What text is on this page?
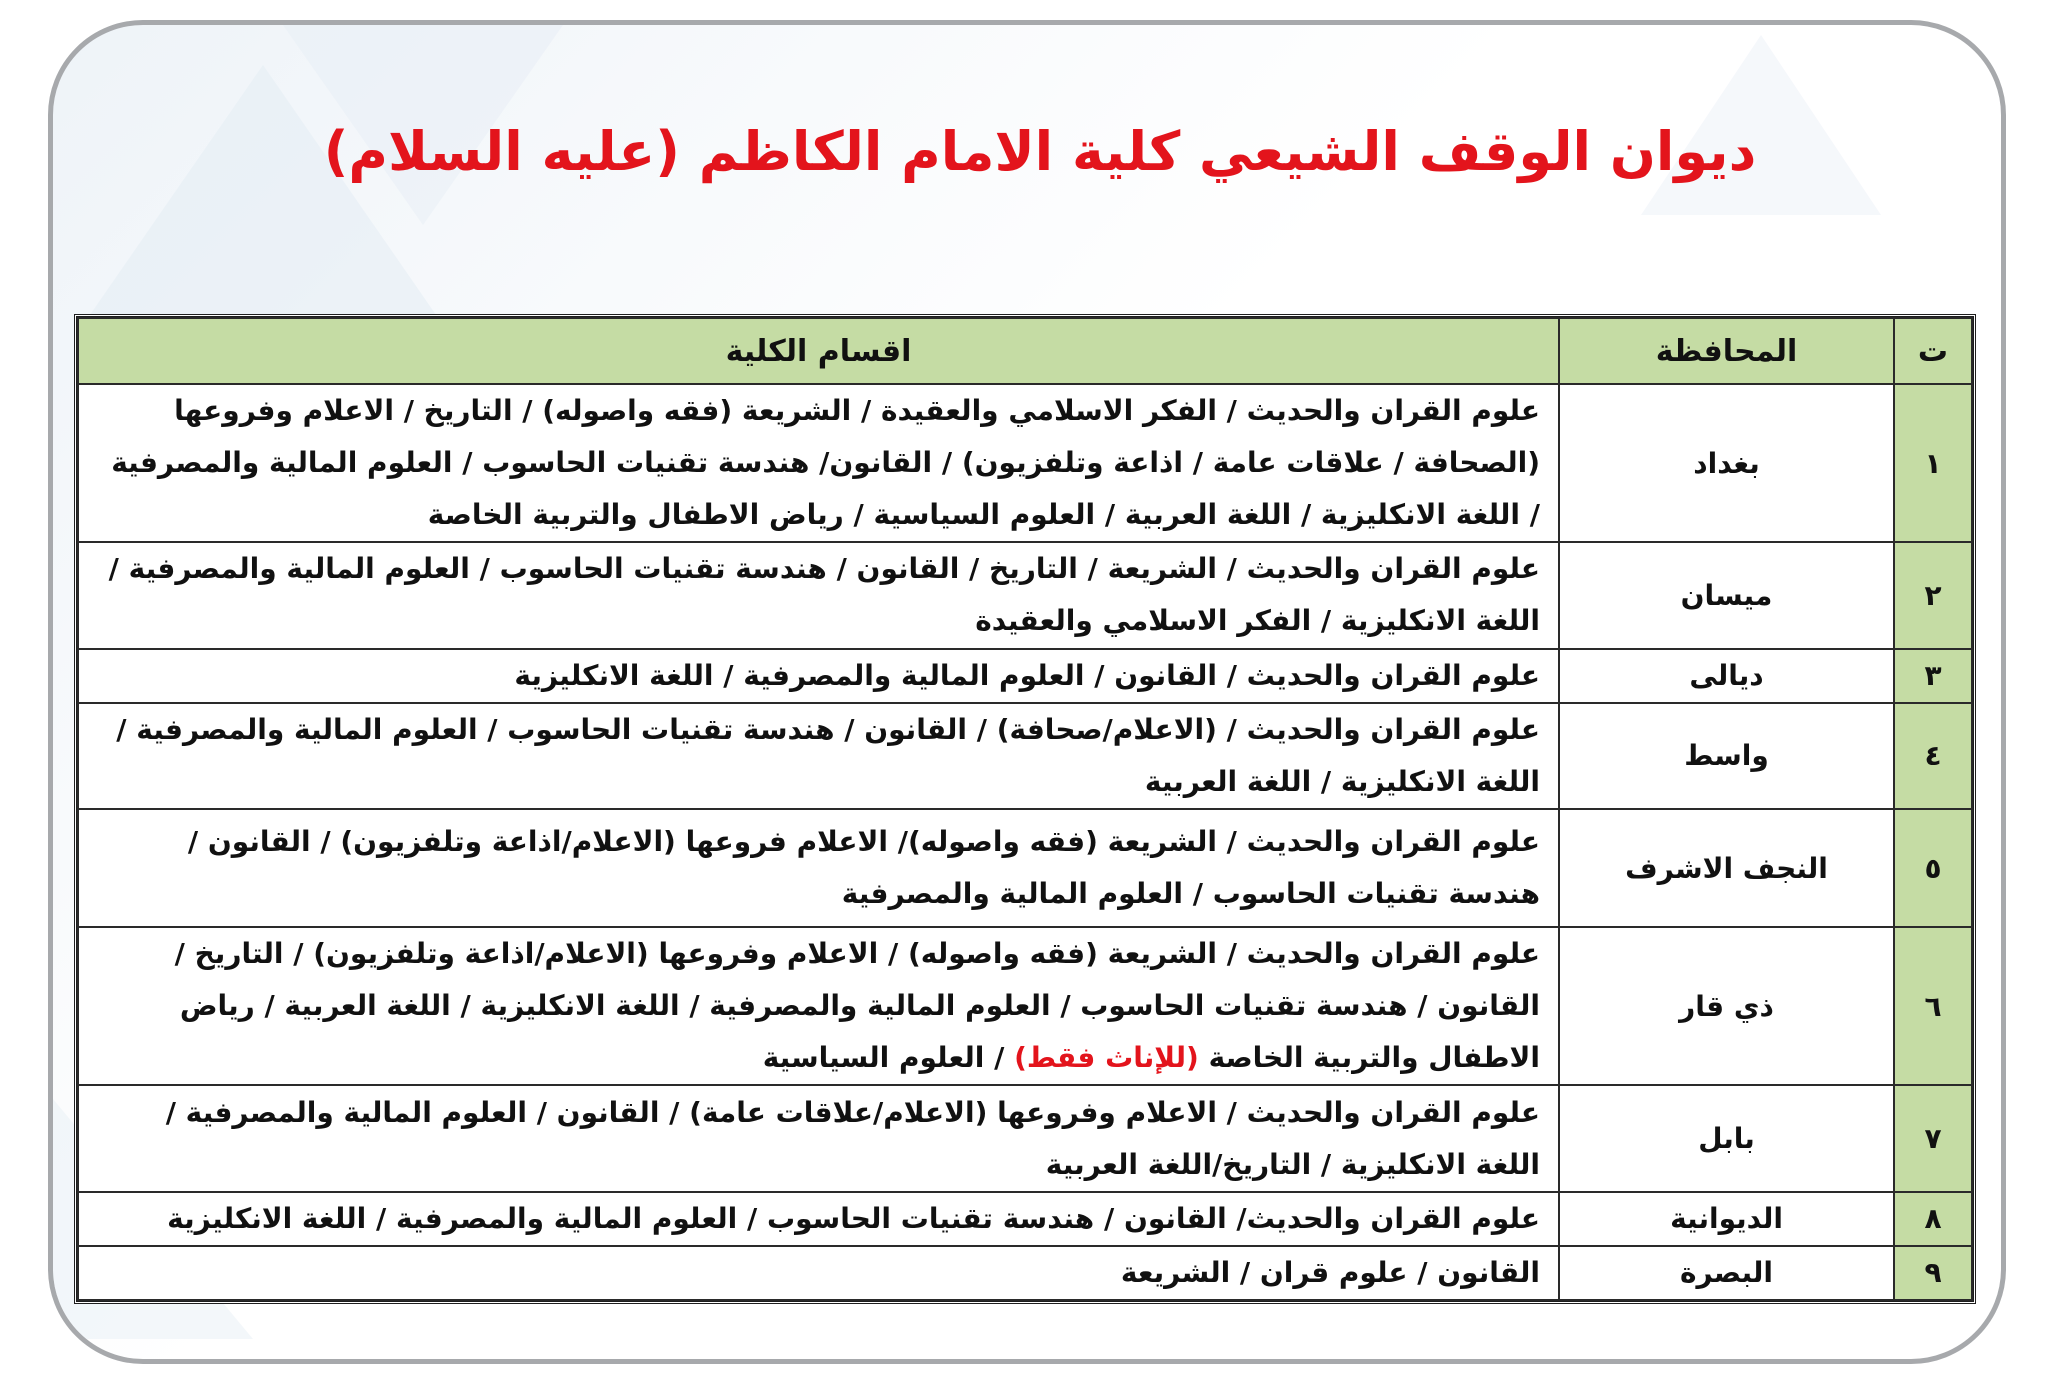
ديوان الوقف الشيعي كلية الامام الكاظم (عليه السلام)
ت	المحافظة	اقسام الكلية
١	بغداد	علوم القران والحديث / الفكر الاسلامي والعقيدة / الشريعة (فقه واصوله) / التاريخ / الاعلام وفروعها (الصحافة / علاقات عامة / اذاعة وتلفزيون) / القانون/ هندسة تقنيات الحاسوب / العلوم المالية والمصرفية / اللغة الانكليزية / اللغة العربية / العلوم السياسية / رياض الاطفال والتربية الخاصة
٢	ميسان	علوم القران والحديث / الشريعة / التاريخ / القانون / هندسة تقنيات الحاسوب / العلوم المالية والمصرفية / اللغة الانكليزية / الفكر الاسلامي والعقيدة
٣	ديالى	علوم القران والحديث / القانون / العلوم المالية والمصرفية / اللغة الانكليزية
٤	واسط	علوم القران والحديث / (الاعلام/صحافة) / القانون / هندسة تقنيات الحاسوب / العلوم المالية والمصرفية / اللغة الانكليزية / اللغة العربية
٥	النجف الاشرف	علوم القران والحديث / الشريعة (فقه واصوله)/ الاعلام فروعها (الاعلام/اذاعة وتلفزيون) / القانون / هندسة تقنيات الحاسوب / العلوم المالية والمصرفية
٦	ذي قار	علوم القران والحديث / الشريعة (فقه واصوله) / الاعلام وفروعها (الاعلام/اذاعة وتلفزيون) / التاريخ / القانون / هندسة تقنيات الحاسوب / العلوم المالية والمصرفية / اللغة الانكليزية / اللغة العربية / رياض الاطفال والتربية الخاصة (للإناث فقط) / العلوم السياسية
٧	بابل	علوم القران والحديث / الاعلام وفروعها (الاعلام/علاقات عامة) / القانون / العلوم المالية والمصرفية / اللغة الانكليزية / التاريخ/اللغة العربية
٨	الديوانية	علوم القران والحديث/ القانون / هندسة تقنيات الحاسوب / العلوم المالية والمصرفية / اللغة الانكليزية
٩	البصرة	القانون / علوم قران / الشريعة
